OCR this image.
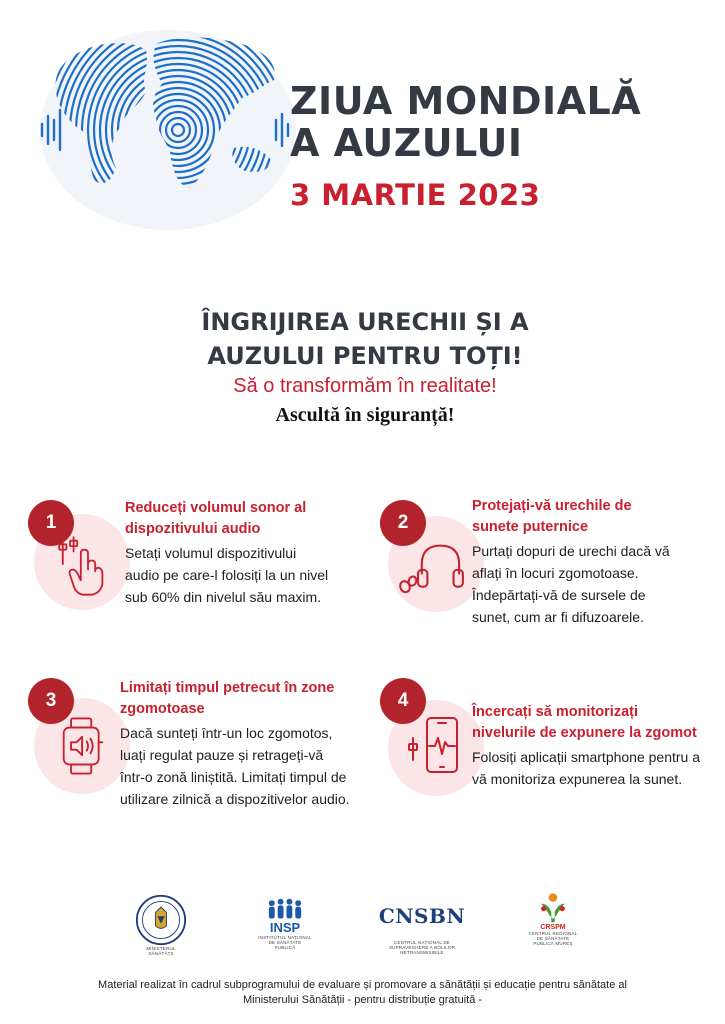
ZIUA MONDIALĂ
A AUZULUI
3 MARTIE 2023
ÎNGRIJIREA URECHII ȘI A
AUZULUI PENTRU TOȚI!
Să o transformăm în realitate!
Ascultă în siguranță!
1
Reduceți volumul sonor al
dispozitivului audio
Setați volumul dispozitivului
audio pe care-l folosiți la un nivel
sub 60% din nivelul său maxim.
2
Protejați-vă urechile de
sunete puternice
Purtați dopuri de urechi dacă vă
aflați în locuri zgomotoase.
Îndepărtați-vă de sursele de
sunet, cum ar fi difuzoarele.
3
Limitați timpul petrecut în zone
zgomotoase
Dacă sunteți într-un loc zgomotos,
luați regulat pauze și retrageți-vă
într-o zonă liniștită. Limitați timpul de
utilizare zilnică a dispozitivelor audio.
4
Încercați să monitorizați
nivelurile de expunere la zgomot
Folosiți aplicații smartphone pentru a
vă monitoriza expunerea la sunet.
MINISTERUL
SĂNĂTĂȚII
INSP
INSTITUTUL NAȚIONAL
DE SĂNĂTATE
PUBLICĂ
CNSBN
CENTRUL NAȚIONAL DE
SUPRAVEGHERE A BOLILOR
NETRANSMISIBILE
CRSPM
CENTRUL REGIONAL
DE SĂNĂTATE
PUBLICĂ MUREȘ
Material realizat în cadrul subprogramului de evaluare și promovare a sănătății și educație pentru sănătate al
Ministerului Sănătății - pentru distribuție gratuită -
